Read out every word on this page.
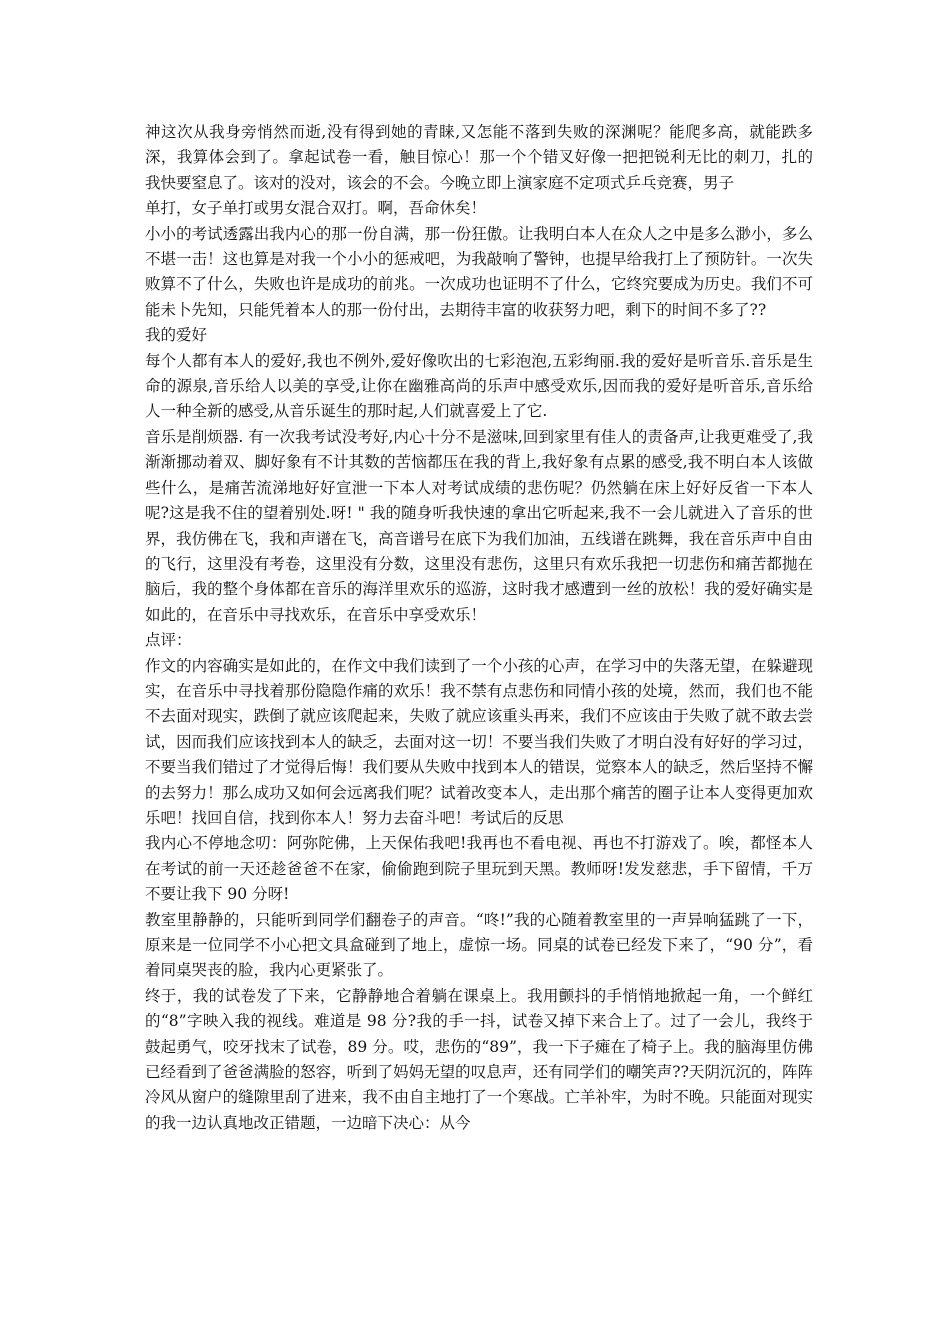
神这次从我身旁悄然而逝,没有得到她的青睐,又怎能不落到失败的深渊呢？能爬多高，就能跌多深，我算体会到了。拿起试卷一看，触目惊心！那一个个错叉好像一把把锐利无比的刺刀，扎的 我快要窒息了。该对的没对，该会的不会。今晚立即上演家庭不定项式乒乓竞赛，男子

单打，女子单打或男女混合双打。啊，吾命休矣！

小小的考试透露出我内心的那一份自满，那一份狂傲。让我明白本人在众人之中是多么渺小，多么不堪一击！这也算是对我一个小小的惩戒吧，为我敲响了警钟，也提早给我打上了预防针。一次失败算不了什么，失败也许是成功的前兆。一次成功也证明不了什么，它终究要成为历史。我们不可能未卜先知，只能凭着本人的那一份付出，去期待丰富的收获努力吧，剩下的时间不多了??

我的爱好

每个人都有本人的爱好,我也不例外,爱好像吹出的七彩泡泡,五彩绚丽.我的爱好是听音乐.音乐是生命的源泉,音乐给人以美的享受,让你在幽雅高尚的乐声中感受欢乐,因而我的爱好是听音乐,音乐给人一种全新的感受,从音乐诞生的那时起,人们就喜爱上了它.

音乐是削烦器. 有一次我考试没考好,内心十分不是滋味,回到家里有佳人的责备声,让我更难受了,我渐渐挪动着双、脚好象有不计其数的苦恼都压在我的背上,我好象有点累的感受,我不明白本人该做些什么，是痛苦流涕地好好宣泄一下本人对考试成绩的悲伤呢？仍然躺在床上好好反省一下本人呢?这是我不住的望着别处.呀! " 我的随身听我快速的拿出它听起来,我不一会儿就进入了音乐的世界，我仿佛在飞，我和声谱在飞，高音谱号在底下为我们加油，五线谱在跳舞，我在音乐声中自由的飞行，这里没有考卷，这里没有分数，这里没有悲伤，这里只有欢乐我把一切悲伤和痛苦都抛在脑后，我的整个身体都在音乐的海洋里欢乐的巡游，这时我才感遭到一丝的放松！我的爱好确实是如此的，在音乐中寻找欢乐，在音乐中享受欢乐！

点评：

作文的内容确实是如此的，在作文中我们读到了一个小孩的心声，在学习中的失落无望，在躲避现实，在音乐中寻找着那份隐隐作痛的欢乐！我不禁有点悲伤和同情小孩的处境，然而，我们也不能不去面对现实，跌倒了就应该爬起来，失败了就应该重头再来，我们不应该由于失败了就不敢去尝试，因而我们应该找到本人的缺乏，去面对这一切！不要当我们失败了才明白没有好好的学习过，不要当我们错过了才觉得后悔！我们要从失败中找到本人的错误，觉察本人的缺乏，然后坚持不懈的去努力！那么成功又如何会远离我们呢？试着改变本人，走出那个痛苦的圈子让本人变得更加欢乐吧！找回自信，找到你本人！努力去奋斗吧！考试后的反思

我内心不停地念叨：阿弥陀佛，上天保佑我吧!我再也不看电视、再也不打游戏了。唉，都怪本人在考试的前一天还趁爸爸不在家，偷偷跑到院子里玩到天黑。教师呀!发发慈悲，手下留情，千万不要让我下 90 分呀!

教室里静静的，只能听到同学们翻卷子的声音。“咚!”我的心随着教室里的一声异响猛跳了一下，原来是一位同学不小心把文具盒碰到了地上，虚惊一场。同桌的试卷已经发下来了，“90 分”，看着同桌哭丧的脸，我内心更紧张了。

终于，我的试卷发了下来，它静静地合着躺在课桌上。我用颤抖的手悄悄地掀起一角，一个鲜红的“8”字映入我的视线。难道是 98 分?我的手一抖，试卷又掉下来合上了。过了一会儿，我终于鼓起勇气，咬牙找末了试卷，89 分。哎，悲伤的“89”，我一下子瘫在了椅子上。我的脑海里仿佛已经看到了爸爸满脸的怒容，听到了妈妈无望的叹息声，还有同学们的嘲笑声??天阴沉沉的，阵阵冷风从窗户的缝隙里刮了进来，我不由自主地打了一个寒战。亡羊补牢，为时不晚。只能面对现实的我一边认真地改正错题，一边暗下决心：从今
